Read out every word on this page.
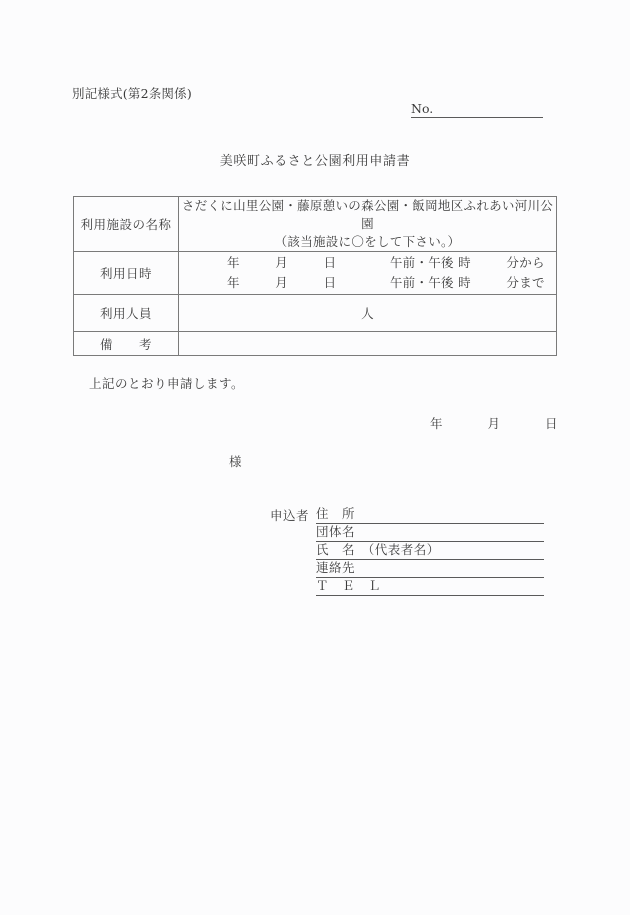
別記様式(第2条関係)
No.
美咲町ふるさと公園利用申請書
利用施設の名称	さだくに山里公園・藤原憩いの森公園・飯岡地区ふれあい河川公園
（該当施設に〇をして下さい。）

利用日時	年 月 日 午前・午後 時 分から
年 月 日 午前・午後 時 分まで

利用人員	人
備　　考	
上記のとおり申請します。
年	月	日
様
申込者 住　所
団体名
氏　名　（代表者名）
連絡先
Ｔ　Ｅ　Ｌ
